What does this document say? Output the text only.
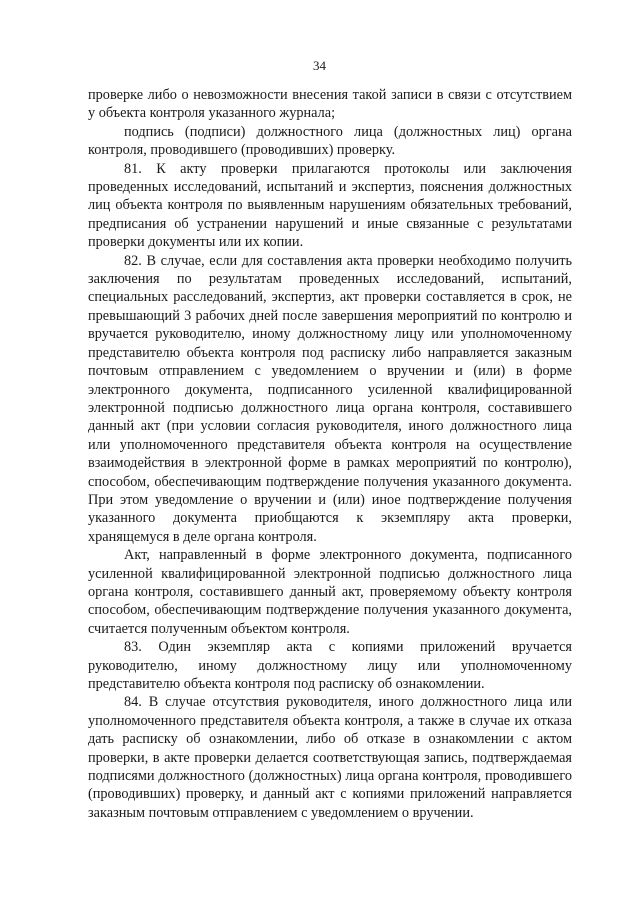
34

проверке либо о невозможности внесения такой записи в связи с отсутствием у объекта контроля указанного журнала;

подпись (подписи) должностного лица (должностных лиц) органа контроля, проводившего (проводивших) проверку.

81. К акту проверки прилагаются протоколы или заключения проведенных исследований, испытаний и экспертиз, пояснения должностных лиц объекта контроля по выявленным нарушениям обязательных требований, предписания об устранении нарушений и иные связанные с результатами проверки документы или их копии.

82. В случае, если для составления акта проверки необходимо получить заключения по результатам проведенных исследований, испытаний, специальных расследований, экспертиз, акт проверки составляется в срок, не превышающий 3 рабочих дней после завершения мероприятий по контролю и вручается руководителю, иному должностному лицу или уполномоченному представителю объекта контроля под расписку либо направляется заказным почтовым отправлением с уведомлением о вручении и (или) в форме электронного документа, подписанного усиленной квалифицированной электронной подписью должностного лица органа контроля, составившего данный акт (при условии согласия руководителя, иного должностного лица или уполномоченного представителя объекта контроля на осуществление взаимодействия в электронной форме в рамках мероприятий по контролю), способом, обеспечивающим подтверждение получения указанного документа. При этом уведомление о вручении и (или) иное подтверждение получения указанного документа приобщаются к экземпляру акта проверки, хранящемуся в деле органа контроля.

Акт, направленный в форме электронного документа, подписанного усиленной квалифицированной электронной подписью должностного лица органа контроля, составившего данный акт, проверяемому объекту контроля способом, обеспечивающим подтверждение получения указанного документа, считается полученным объектом контроля.

83. Один экземпляр акта с копиями приложений вручается руководителю, иному должностному лицу или уполномоченному представителю объекта контроля под расписку об ознакомлении.

84. В случае отсутствия руководителя, иного должностного лица или уполномоченного представителя объекта контроля, а также в случае их отказа дать расписку об ознакомлении, либо об отказе в ознакомлении с актом проверки, в акте проверки делается соответствующая запись, подтверждаемая подписями должностного (должностных) лица органа контроля, проводившего (проводивших) проверку, и данный акт с копиями приложений направляется заказным почтовым отправлением с уведомлением о вручении.
